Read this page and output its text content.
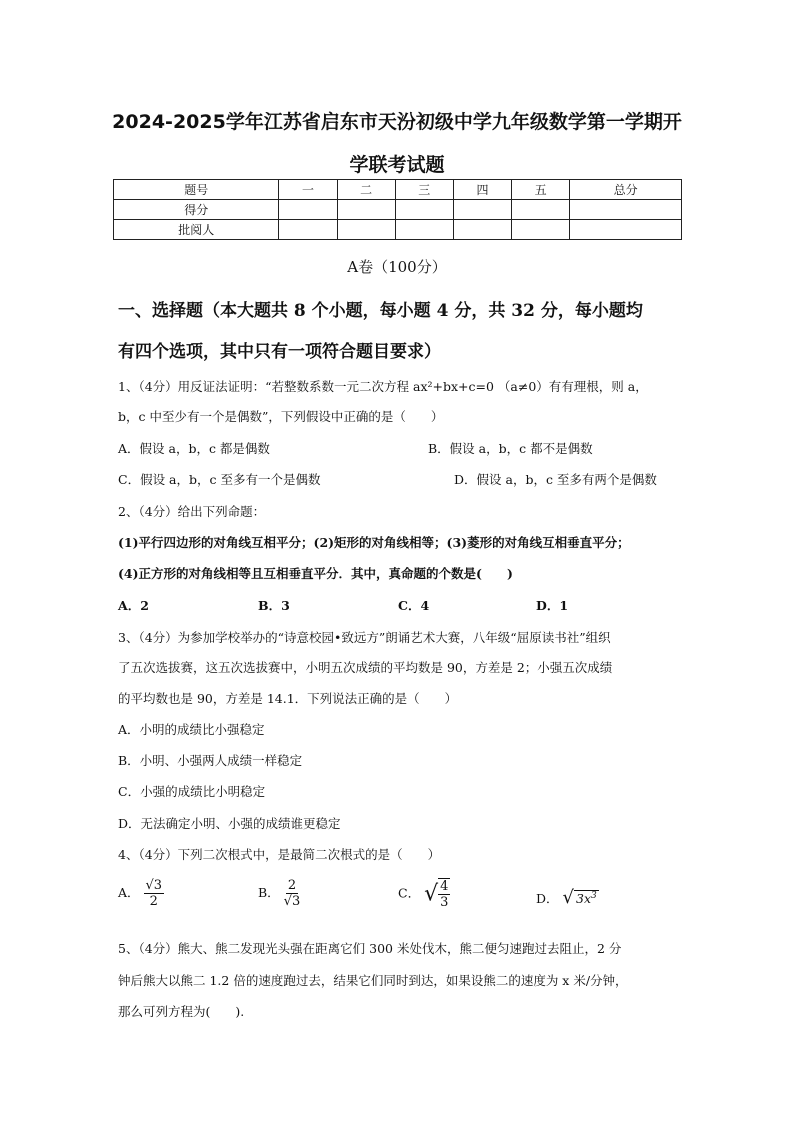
2024-2025学年江苏省启东市天汾初级中学九年级数学第一学期开
学联考试题
题号	一	二	三	四	五	总分
得分						
批阅人						
A卷（100分）
一、选择题（本大题共 8 个小题，每小题 4 分，共 32 分，每小题均
有四个选项，其中只有一项符合题目要求）
1、（4分）用反证法证明：“若整数系数一元二次方程 ax²+bx+c=0 （a≠0）有有理根，则 a，
b，c 中至少有一个是偶数”，下列假设中正确的是（　　）
A．假设 a，b，c 都是偶数	B．假设 a，b，c 都不是偶数
C．假设 a，b，c 至多有一个是偶数	D．假设 a，b，c 至多有两个是偶数
2、（4分）给出下列命题：
(1)平行四边形的对角线互相平分；(2)矩形的对角线相等；(3)菱形的对角线互相垂直平分；
(4)正方形的对角线相等且互相垂直平分．其中，真命题的个数是(　　)
A．2	B．3	C．4	D．1
3、（4分）为参加学校举办的“诗意校园•致远方”朗诵艺术大赛，八年级“屈原读书社”组织
了五次选拔赛，这五次选拔赛中，小明五次成绩的平均数是 90，方差是 2；小强五次成绩
的平均数也是 90，方差是 14.1．下列说法正确的是（　　）
A．小明的成绩比小强稳定
B．小明、小强两人成绩一样稳定
C．小强的成绩比小明稳定
D．无法确定小明、小强的成绩谁更稳定
4、（4分）下列二次根式中，是最简二次根式的是（　　）
A． $\frac{√3}{2}$	B． $\frac{2}{√3}$	C． √ $\frac{4}{3}$	D． √ $3x^3$
5、（4分）熊大、熊二发现光头强在距离它们 300 米处伐木，熊二便匀速跑过去阻止，2 分
钟后熊大以熊二 1.2 倍的速度跑过去，结果它们同时到达，如果设熊二的速度为 x 米/分钟，
那么可列方程为(　　).
